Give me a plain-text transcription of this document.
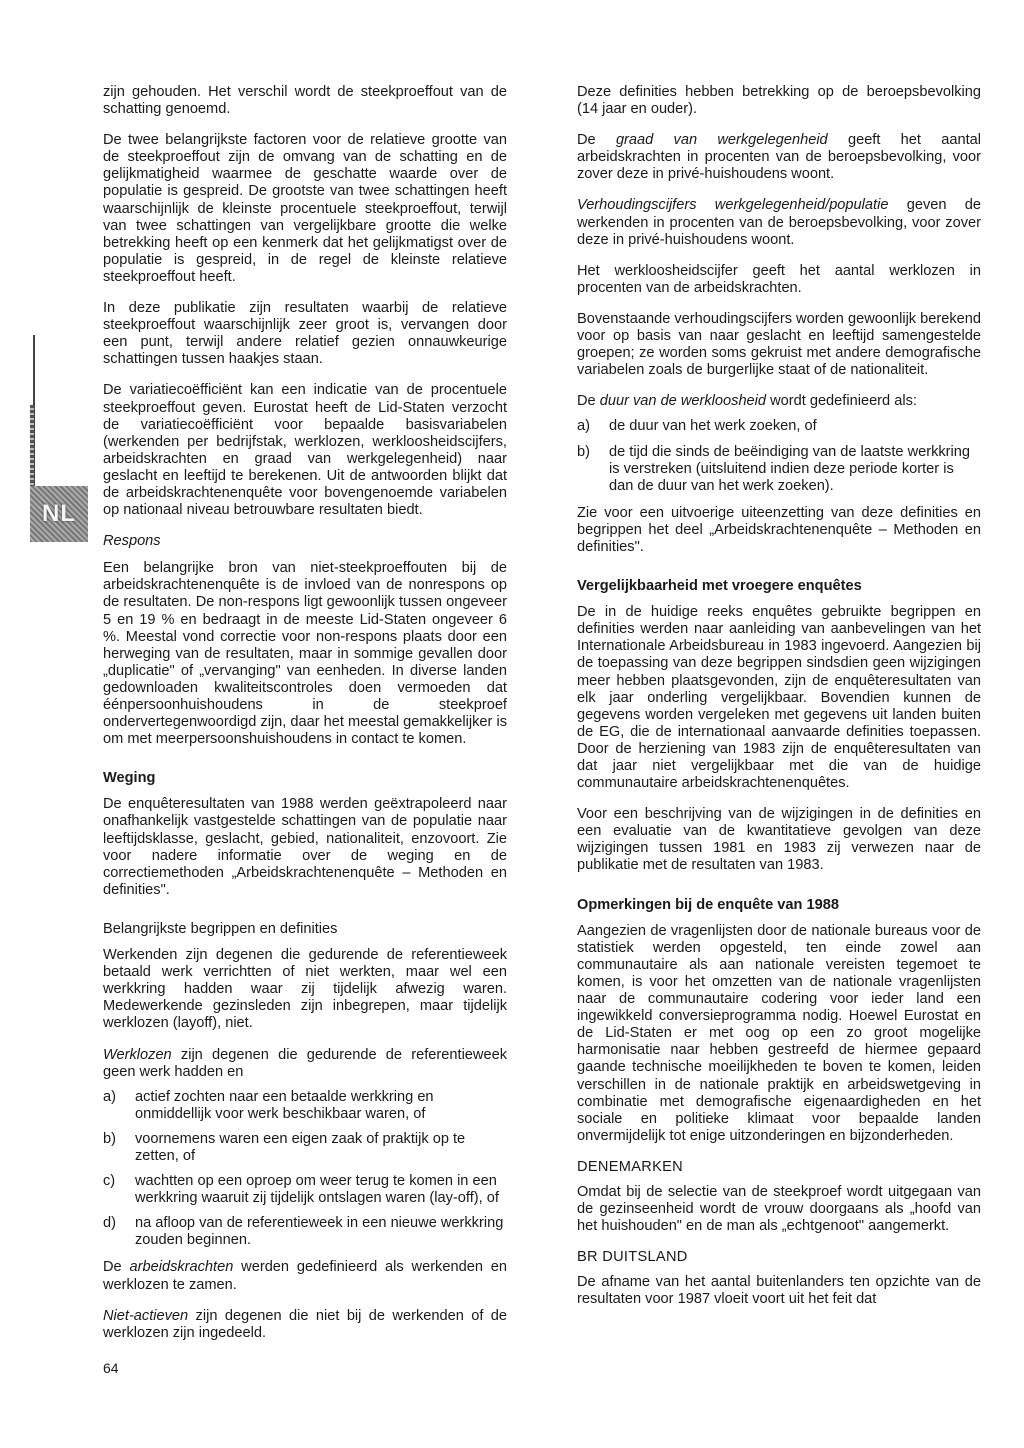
NL

zijn gehouden. Het verschil wordt de steekproeffout van de schatting genoemd.

De twee belangrijkste factoren voor de relatieve grootte van de steekproeffout zijn de omvang van de schatting en de gelijkmatigheid waarmee de geschatte waarde over de populatie is gespreid. De grootste van twee schattingen heeft waarschijnlijk de kleinste procentuele steekproeffout, terwijl van twee schattingen van vergelijkbare grootte die welke betrekking heeft op een kenmerk dat het gelijkmatigst over de populatie is gespreid, in de regel de kleinste relatieve steekproeffout heeft.

In deze publikatie zijn resultaten waarbij de relatieve steekproeffout waarschijnlijk zeer groot is, vervangen door een punt, terwijl andere relatief gezien onnauwkeurige schattingen tussen haakjes staan.

De variatiecoëfficiënt kan een indicatie van de procentuele steekproeffout geven. Eurostat heeft de Lid-Staten verzocht de variatiecoëfficiënt voor bepaalde basisvariabelen (werkenden per bedrijfstak, werklozen, werkloosheidscijfers, arbeidskrachten en graad van werkgelegenheid) naar geslacht en leeftijd te berekenen. Uit de antwoorden blijkt dat de arbeidskrachtenenquête voor bovengenoemde variabelen op nationaal niveau betrouwbare resultaten biedt.

Respons

Een belangrijke bron van niet-steekproeffouten bij de arbeidskrachtenenquête is de invloed van de nonrespons op de resultaten. De non-respons ligt gewoonlijk tussen ongeveer 5 en 19 % en bedraagt in de meeste Lid-Staten ongeveer 6 %. Meestal vond correctie voor non-respons plaats door een herweging van de resultaten, maar in sommige gevallen door „duplicatie" of „vervanging" van eenheden. In diverse landen gedownloaden kwaliteitscontroles doen vermoeden dat éénpersoonhuishoudens in de steekproef ondervertegenwoordigd zijn, daar het meestal gemakkelijker is om met meerpersoonshuishoudens in contact te komen.

Weging

De enquêteresultaten van 1988 werden geëxtrapoleerd naar onafhankelijk vastgestelde schattingen van de populatie naar leeftijdsklasse, geslacht, gebied, nationaliteit, enzovoort. Zie voor nadere informatie over de weging en de correctiemethoden „Arbeidskrachtenenquête – Methoden en definities".

Belangrijkste begrippen en definities

Werkenden zijn degenen die gedurende de referentieweek betaald werk verrichtten of niet werkten, maar wel een werkkring hadden waar zij tijdelijk afwezig waren. Medewerkende gezinsleden zijn inbegrepen, maar tijdelijk werklozen (layoff), niet.

Werklozen zijn degenen die gedurende de referentieweek geen werk hadden en

a)	actief zochten naar een betaalde werkkring en onmiddellijk voor werk beschikbaar waren, of
b)	voornemens waren een eigen zaak of praktijk op te zetten, of
c)	wachtten op een oproep om weer terug te komen in een werkkring waaruit zij tijdelijk ontslagen waren (lay-off), of
d)	na afloop van de referentieweek in een nieuwe werkkring zouden beginnen.

De arbeidskrachten werden gedefinieerd als werkenden en werklozen te zamen.

Niet-actieven zijn degenen die niet bij de werkenden of de werklozen zijn ingedeeld.

Deze definities hebben betrekking op de beroepsbevolking (14 jaar en ouder).

De graad van werkgelegenheid geeft het aantal arbeidskrachten in procenten van de beroepsbevolking, voor zover deze in privé-huishoudens woont.

Verhoudingscijfers werkgelegenheid/populatie geven de werkenden in procenten van de beroepsbevolking, voor zover deze in privé-huishoudens woont.

Het werkloosheidscijfer geeft het aantal werklozen in procenten van de arbeidskrachten.

Bovenstaande verhoudingscijfers worden gewoonlijk berekend voor op basis van naar geslacht en leeftijd samengestelde groepen; ze worden soms gekruist met andere demografische variabelen zoals de burgerlijke staat of de nationaliteit.

De duur van de werkloosheid wordt gedefinieerd als:

a)	de duur van het werk zoeken, of
b)	de tijd die sinds de beëindiging van de laatste werkkring is verstreken (uitsluitend indien deze periode korter is dan de duur van het werk zoeken).

Zie voor een uitvoerige uiteenzetting van deze definities en begrippen het deel „Arbeidskrachtenenquête – Methoden en definities".

Vergelijkbaarheid met vroegere enquêtes

De in de huidige reeks enquêtes gebruikte begrippen en definities werden naar aanleiding van aanbevelingen van het Internationale Arbeidsbureau in 1983 ingevoerd. Aangezien bij de toepassing van deze begrippen sindsdien geen wijzigingen meer hebben plaatsgevonden, zijn de enquêteresultaten van elk jaar onderling vergelijkbaar. Bovendien kunnen de gegevens worden vergeleken met gegevens uit landen buiten de EG, die de internationaal aanvaarde definities toepassen. Door de herziening van 1983 zijn de enquêteresultaten van dat jaar niet vergelijkbaar met die van de huidige communautaire arbeidskrachtenenquêtes.

Voor een beschrijving van de wijzigingen in de definities en een evaluatie van de kwantitatieve gevolgen van deze wijzigingen tussen 1981 en 1983 zij verwezen naar de publikatie met de resultaten van 1983.

Opmerkingen bij de enquête van 1988

Aangezien de vragenlijsten door de nationale bureaus voor de statistiek werden opgesteld, ten einde zowel aan communautaire als aan nationale vereisten tegemoet te komen, is voor het omzetten van de nationale vragenlijsten naar de communautaire codering voor ieder land een ingewikkeld conversieprogramma nodig. Hoewel Eurostat en de Lid-Staten er met oog op een zo groot mogelijke harmonisatie naar hebben gestreefd de hiermee gepaard gaande technische moeilijkheden te boven te komen, leiden verschillen in de nationale praktijk en arbeidswetgeving in combinatie met demografische eigenaardigheden en het sociale en politieke klimaat voor bepaalde landen onvermijdelijk tot enige uitzonderingen en bijzonderheden.

DENEMARKEN

Omdat bij de selectie van de steekproef wordt uitgegaan van de gezinseenheid wordt de vrouw doorgaans als „hoofd van het huishouden" en de man als „echtgenoot" aangemerkt.

BR DUITSLAND

De afname van het aantal buitenlanders ten opzichte van de resultaten voor 1987 vloeit voort uit het feit dat

64
